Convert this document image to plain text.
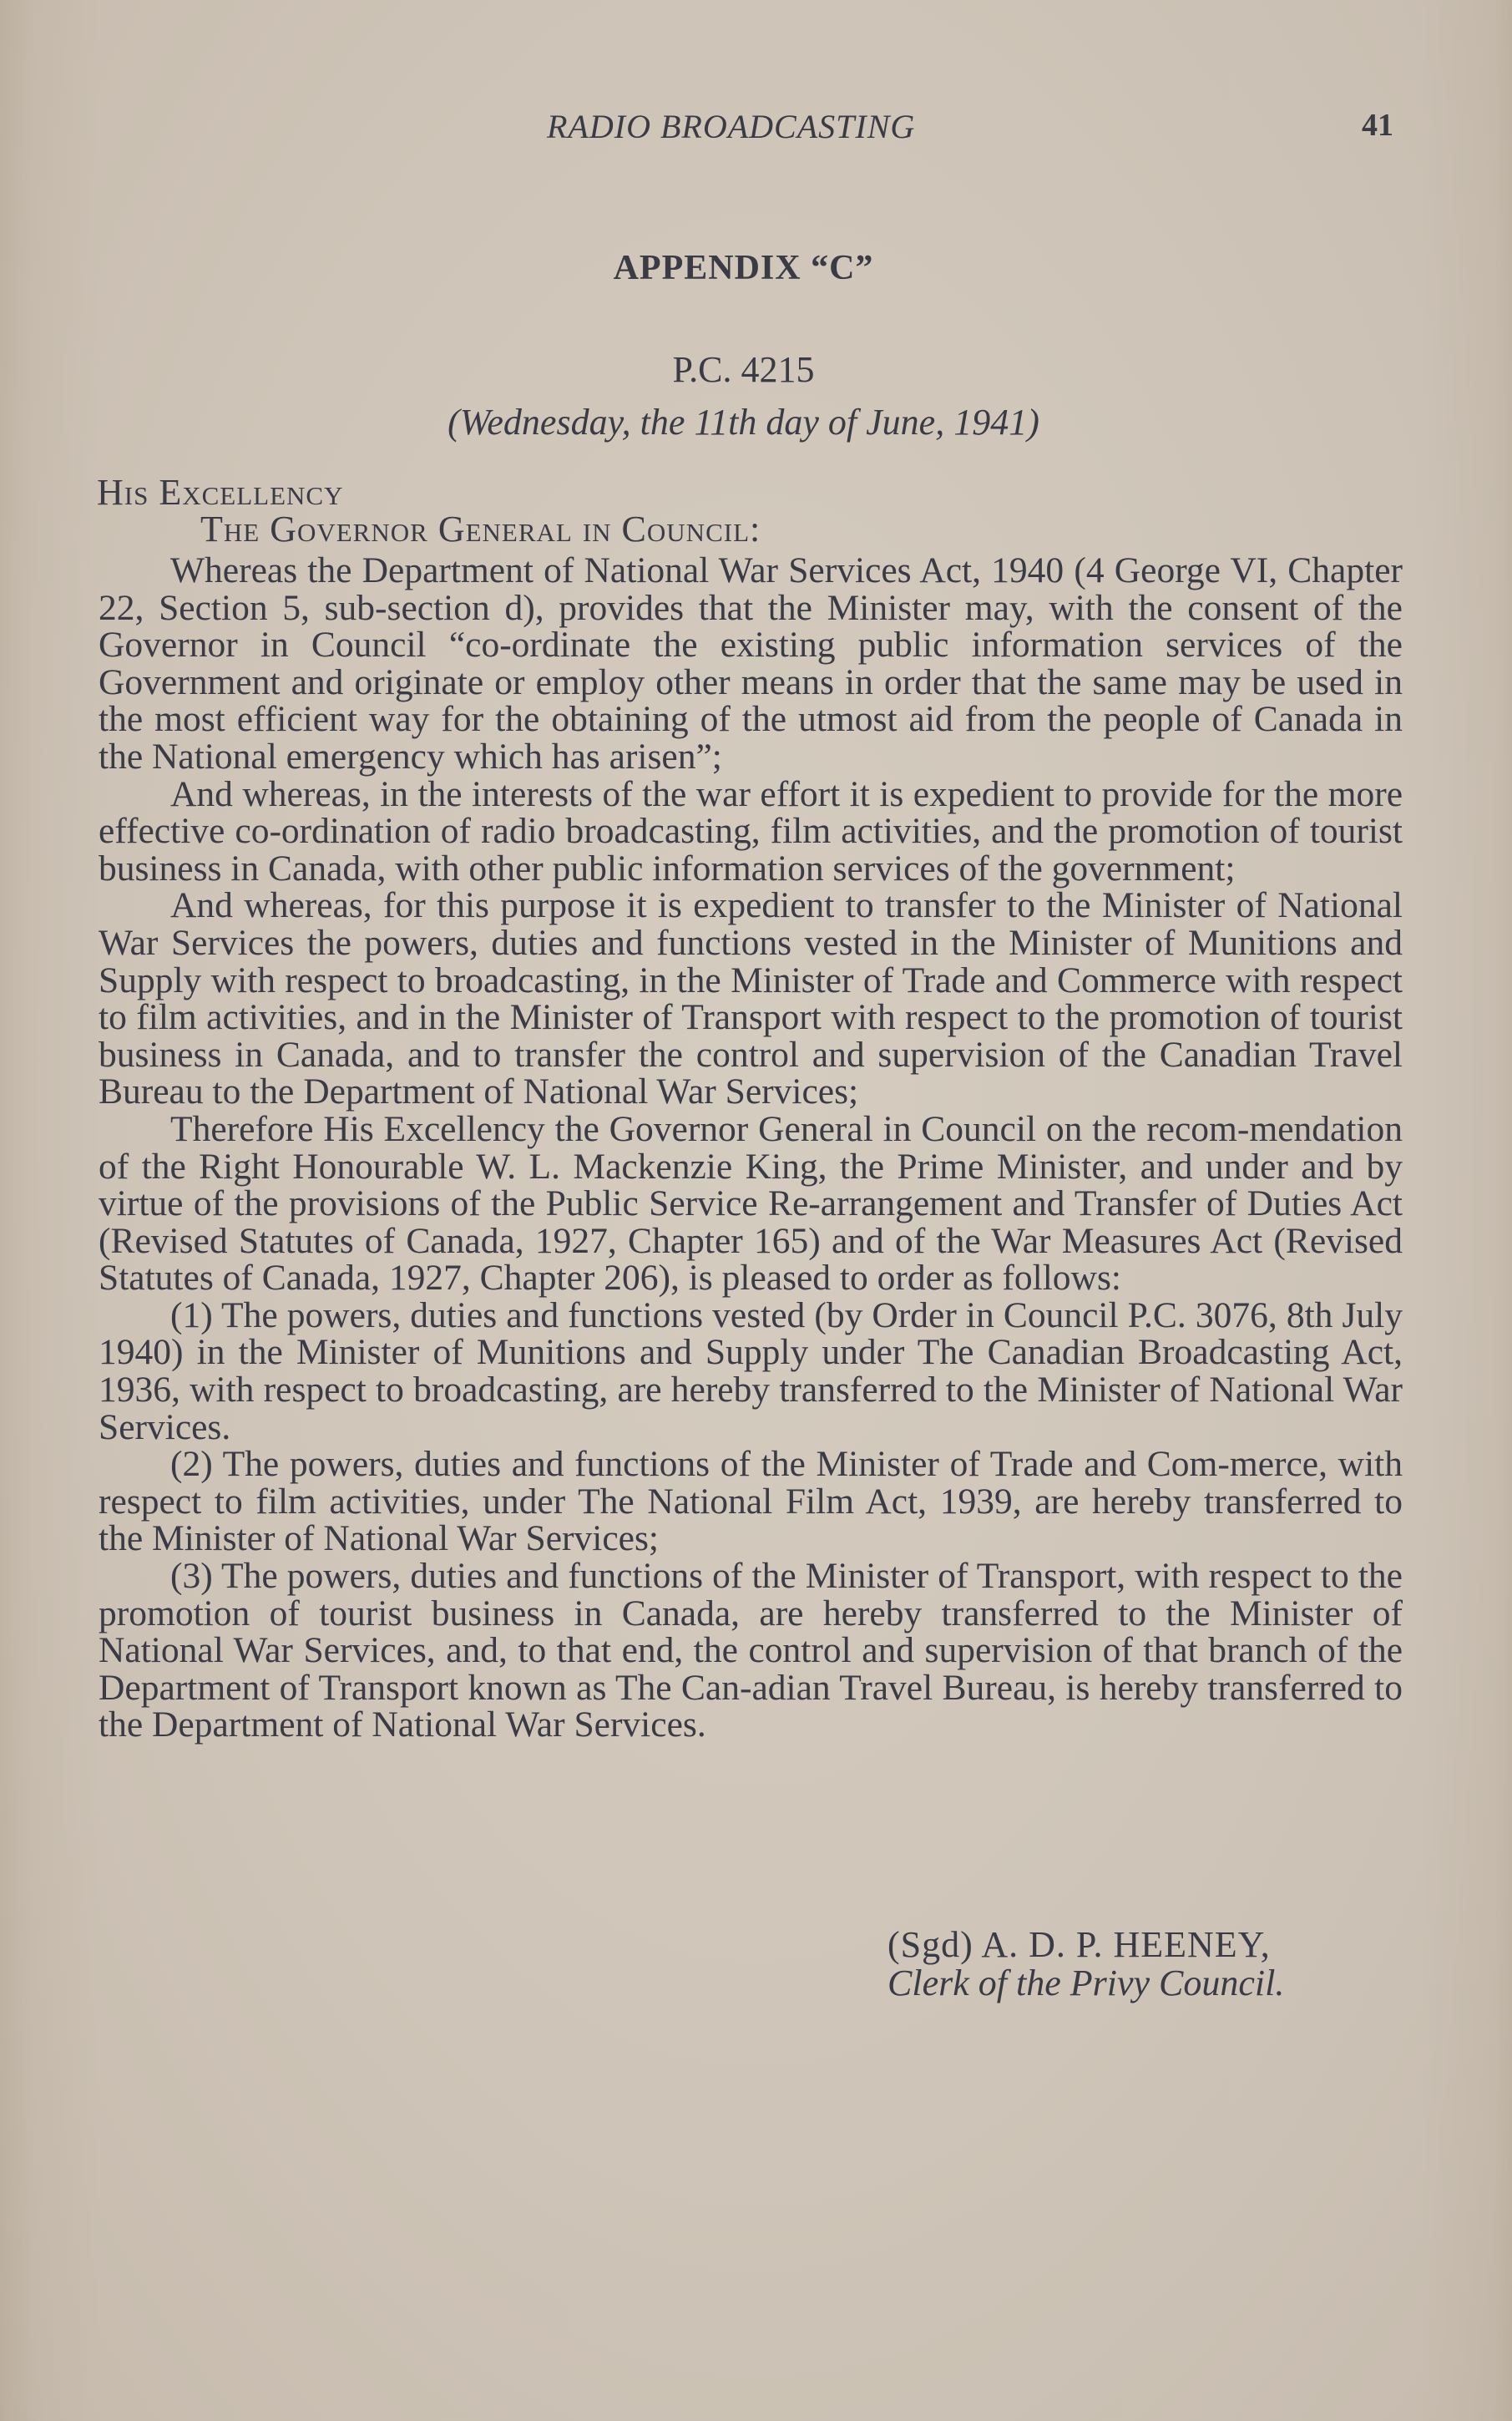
RADIO BROADCASTING	41
APPENDIX “C”
P.C. 4215
(Wednesday, the 11th day of June, 1941)
His Excellency
The Governor General in Council:

Whereas the Department of National War Services Act, 1940 (4 George VI, Chapter 22, Section 5, sub-section d), provides that the Minister may, with the consent of the Governor in Council “co-ordinate the existing public information services of the Government and originate or employ other means in order that the same may be used in the most efficient way for the obtaining of the utmost aid from the people of Canada in the National emergency which has arisen”;

And whereas, in the interests of the war effort it is expedient to provide for the more effective co-ordination of radio broadcasting, film activities, and the promotion of tourist business in Canada, with other public information services of the government;

And whereas, for this purpose it is expedient to transfer to the Minister of National War Services the powers, duties and functions vested in the Minister of Munitions and Supply with respect to broadcasting, in the Minister of Trade and Commerce with respect to film activities, and in the Minister of Transport with respect to the promotion of tourist business in Canada, and to transfer the control and supervision of the Canadian Travel Bureau to the Department of National War Services;

Therefore His Excellency the Governor General in Council on the recom-mendation of the Right Honourable W. L. Mackenzie King, the Prime Minister, and under and by virtue of the provisions of the Public Service Re-arrangement and Transfer of Duties Act (Revised Statutes of Canada, 1927, Chapter 165) and of the War Measures Act (Revised Statutes of Canada, 1927, Chapter 206), is pleased to order as follows:

(1) The powers, duties and functions vested (by Order in Council P.C. 3076, 8th July 1940) in the Minister of Munitions and Supply under The Canadian Broadcasting Act, 1936, with respect to broadcasting, are hereby transferred to the Minister of National War Services.

(2) The powers, duties and functions of the Minister of Trade and Com-merce, with respect to film activities, under The National Film Act, 1939, are hereby transferred to the Minister of National War Services;

(3) The powers, duties and functions of the Minister of Transport, with respect to the promotion of tourist business in Canada, are hereby transferred to the Minister of National War Services, and, to that end, the control and supervision of that branch of the Department of Transport known as The Can-adian Travel Bureau, is hereby transferred to the Department of National War Services.

(Sgd) A. D. P. HEENEY,
Clerk of the Privy Council.
